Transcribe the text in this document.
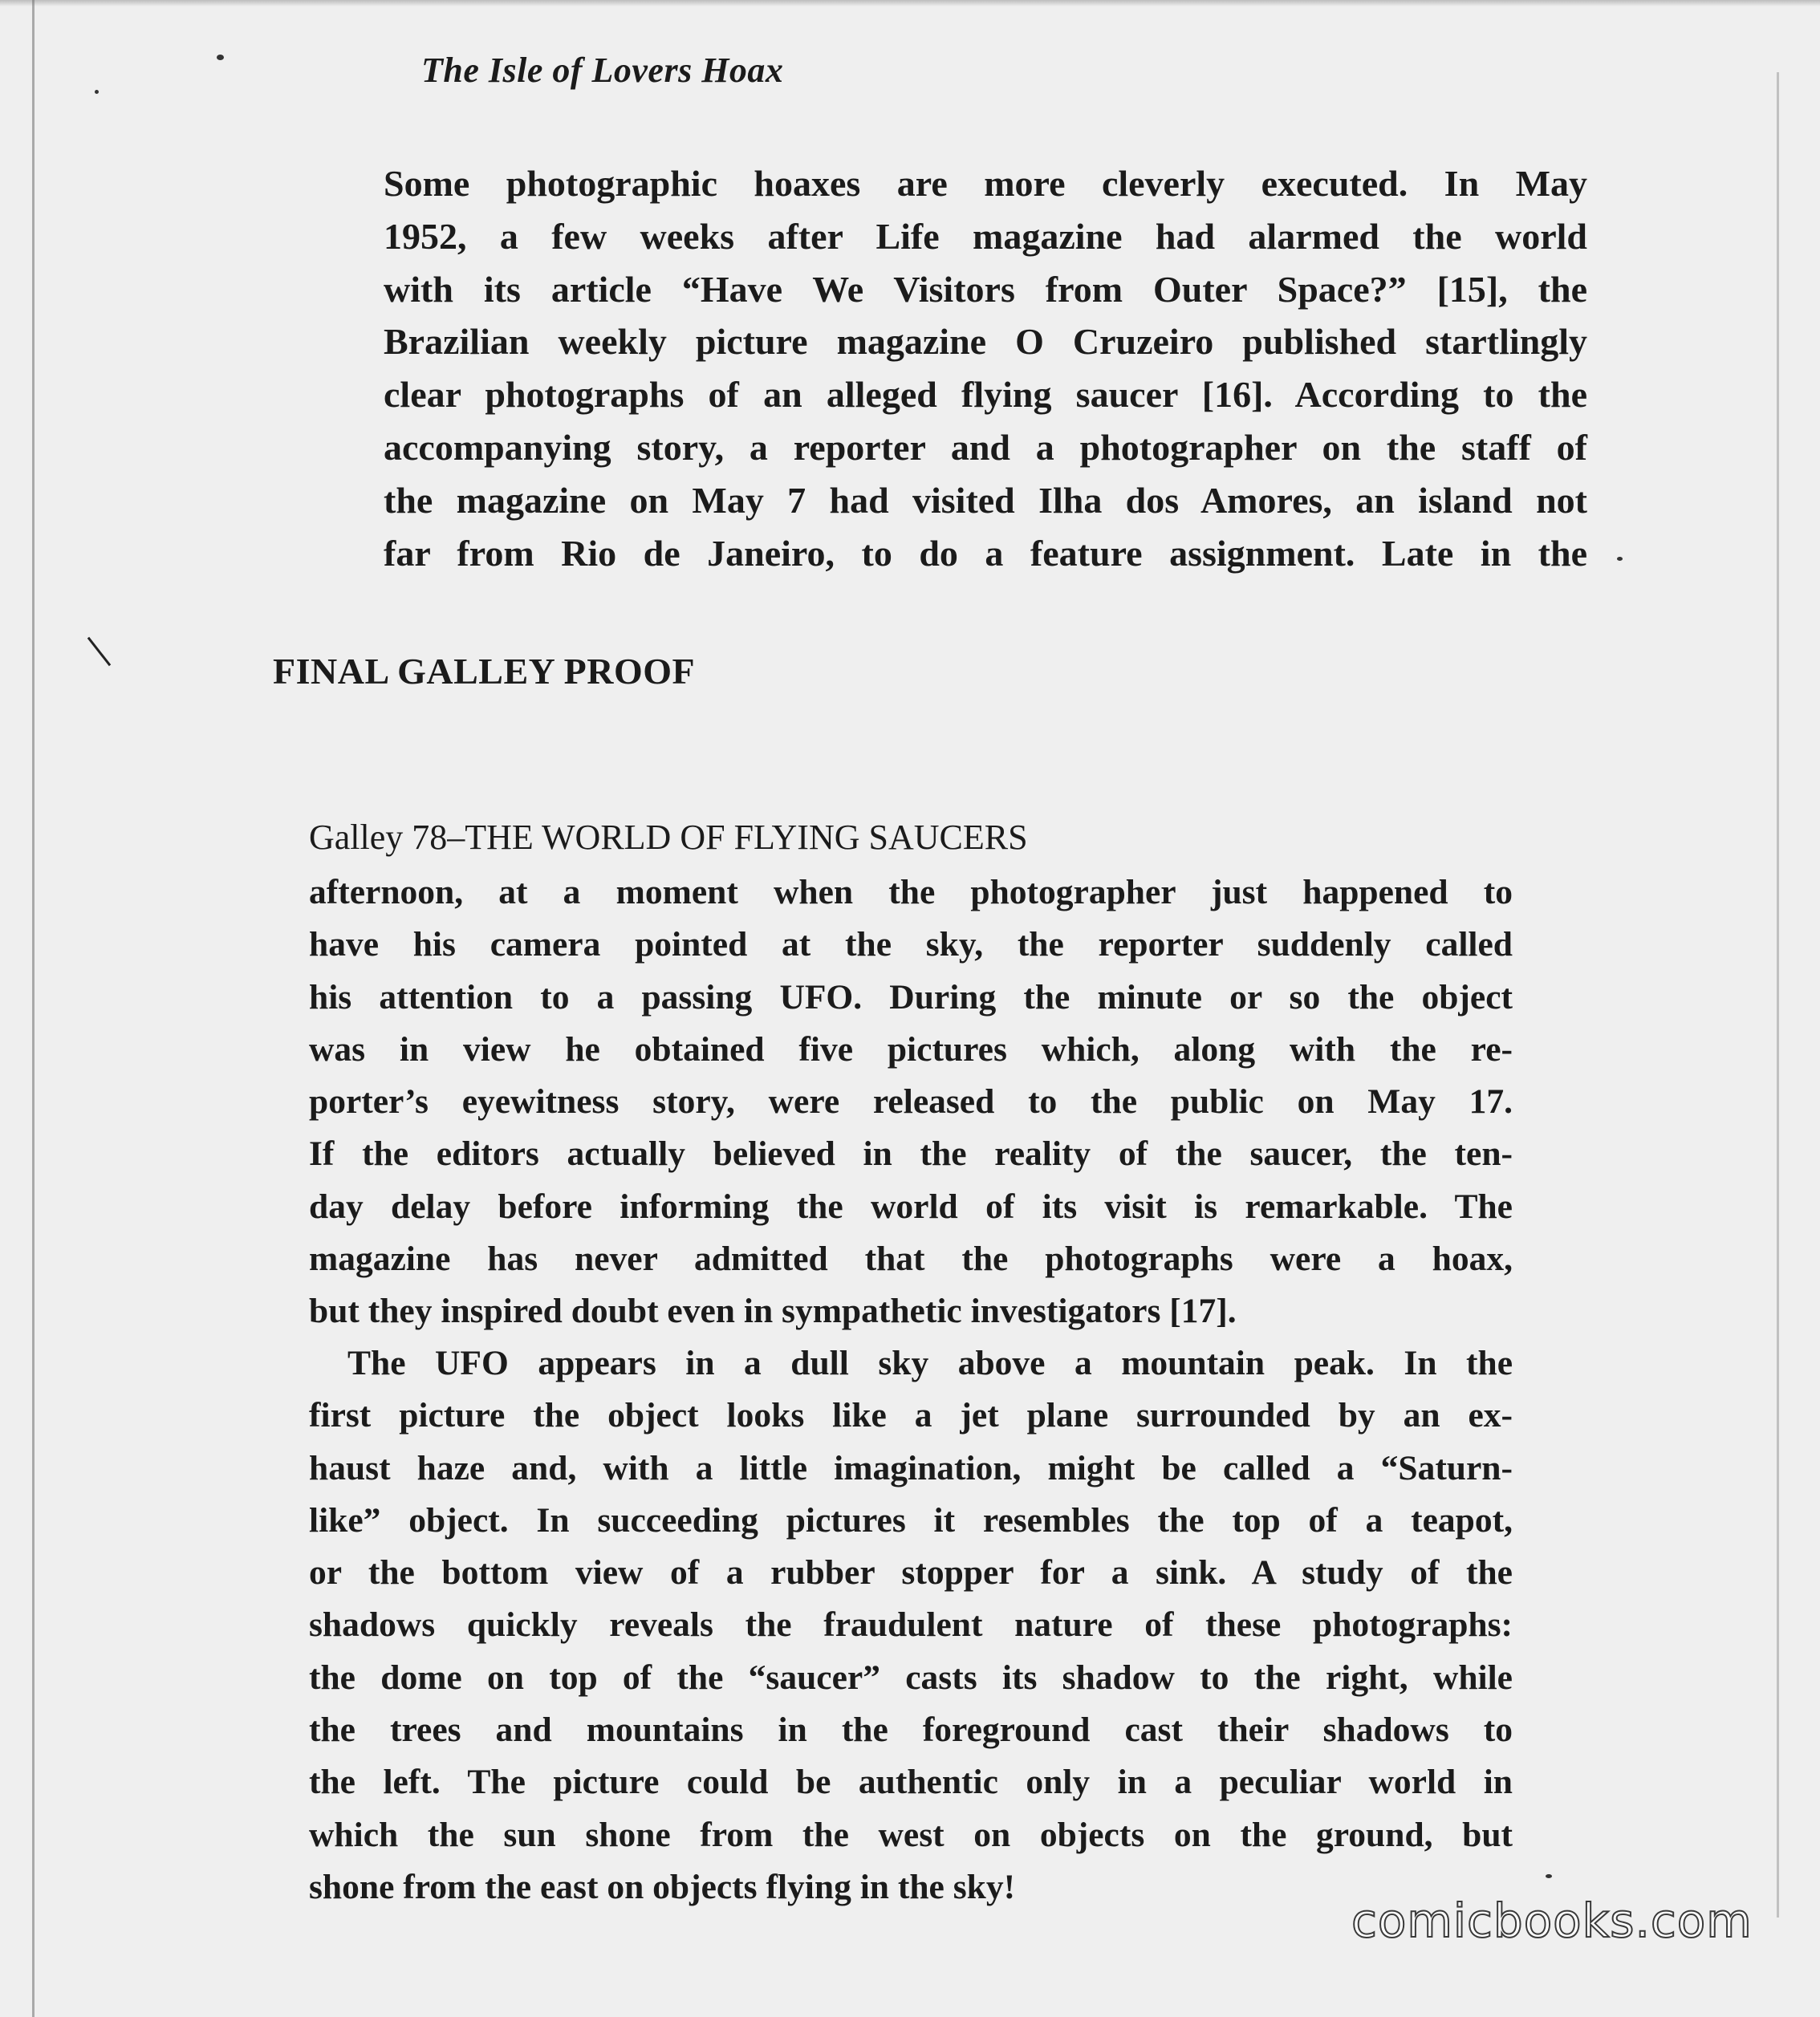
The Isle of Lovers Hoax
Some photographic hoaxes are more cleverly executed. In May
1952, a few weeks after Life magazine had alarmed the world
with its article “Have We Visitors from Outer Space?” [15], the
Brazilian weekly picture magazine O Cruzeiro published startlingly
clear photographs of an alleged flying saucer [16]. According to the
accompanying story, a reporter and a photographer on the staff of
the magazine on May 7 had visited Ilha dos Amores, an island not
far from Rio de Janeiro, to do a feature assignment. Late in the
FINAL GALLEY PROOF
Galley 78–THE WORLD OF FLYING SAUCERS
afternoon, at a moment when the photographer just happened to
have his camera pointed at the sky, the reporter suddenly called
his attention to a passing UFO. During the minute or so the object
was in view he obtained five pictures which, along with the re-
porter’s eyewitness story, were released to the public on May 17.
If the editors actually believed in the reality of the saucer, the ten-
day delay before informing the world of its visit is remarkable. The
magazine has never admitted that the photographs were a hoax,
but they inspired doubt even in sympathetic investigators [17].
The UFO appears in a dull sky above a mountain peak. In the
first picture the object looks like a jet plane surrounded by an ex-
haust haze and, with a little imagination, might be called a “Saturn-
like” object. In succeeding pictures it resembles the top of a teapot,
or the bottom view of a rubber stopper for a sink. A study of the
shadows quickly reveals the fraudulent nature of these photographs:
the dome on top of the “saucer” casts its shadow to the right, while
the trees and mountains in the foreground cast their shadows to
the left. The picture could be authentic only in a peculiar world in
which the sun shone from the west on objects on the ground, but
shone from the east on objects flying in the sky!
comicbooks.com
